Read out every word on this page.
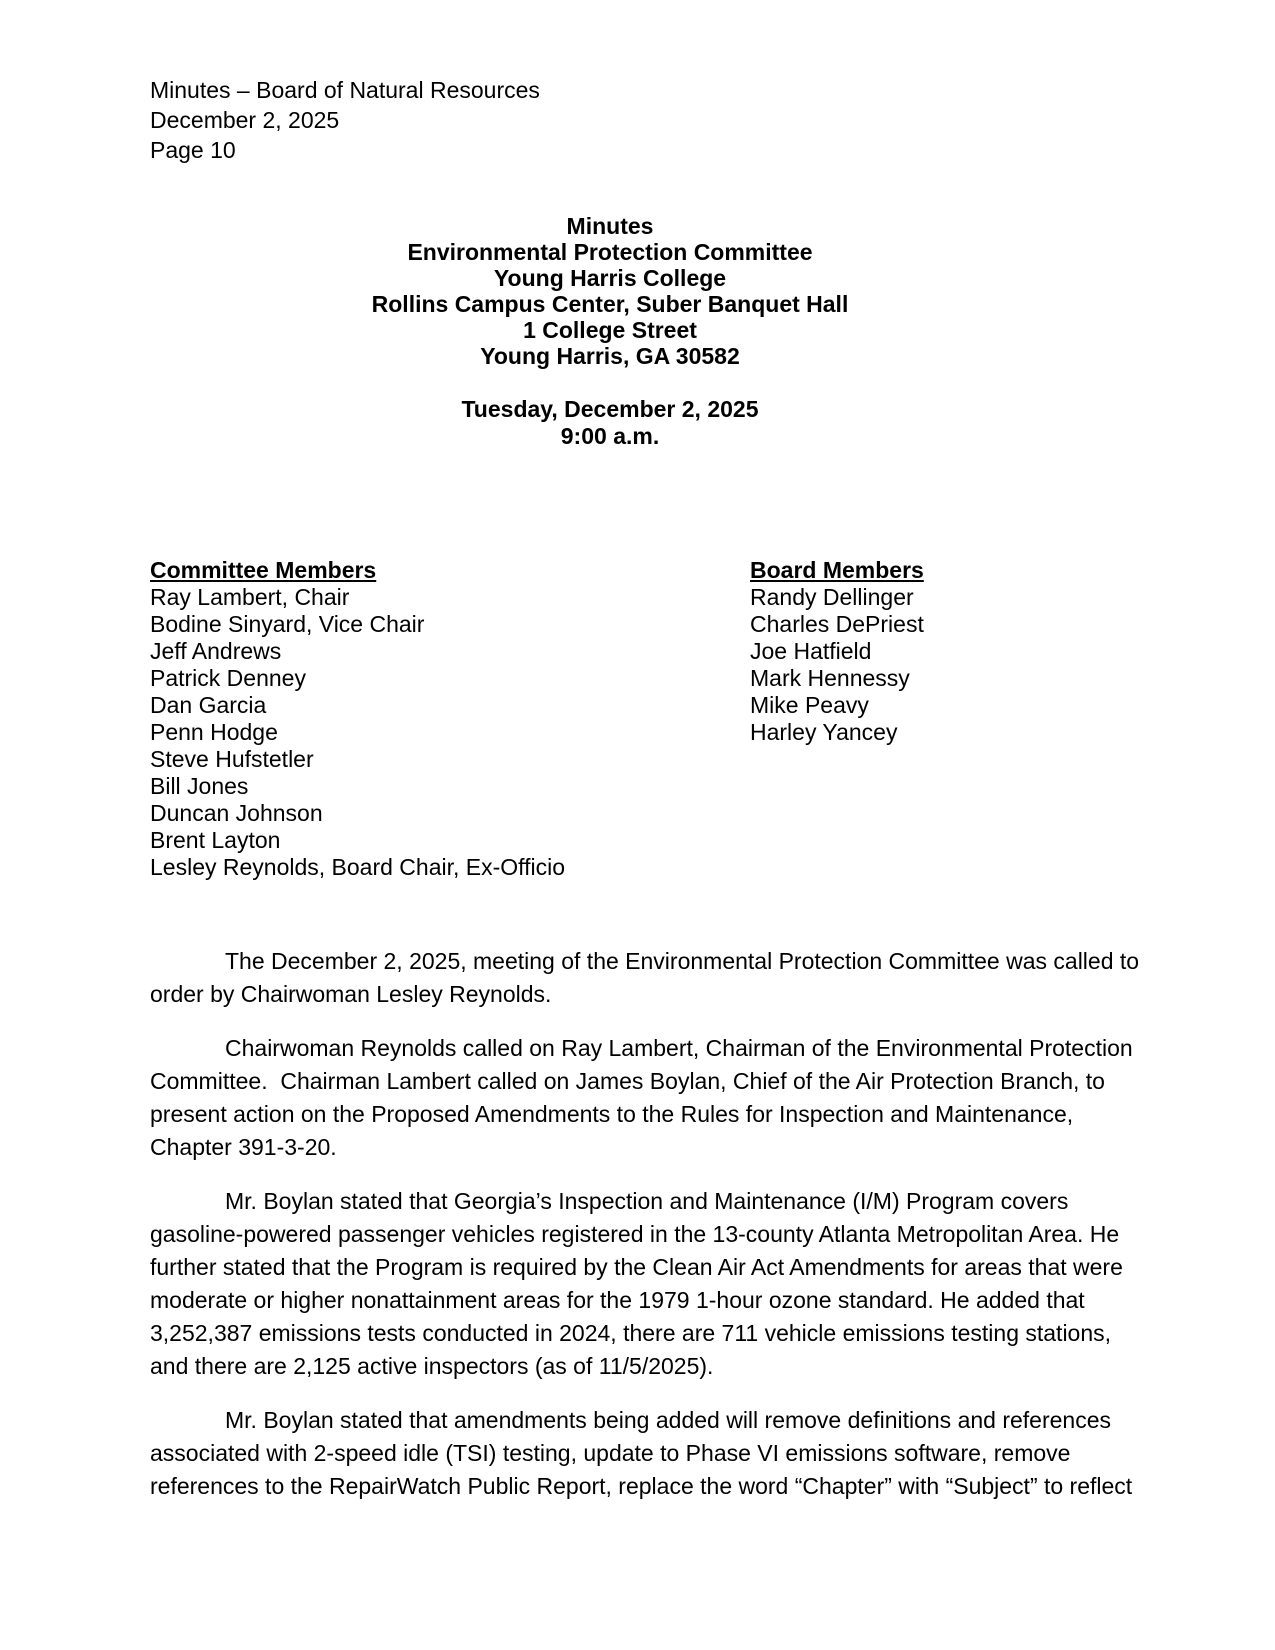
Minutes – Board of Natural Resources
December 2, 2025
Page 10
Minutes
Environmental Protection Committee
Young Harris College
Rollins Campus Center, Suber Banquet Hall
1 College Street
Young Harris, GA 30582
Tuesday, December 2, 2025
9:00 a.m.
Committee Members
Ray Lambert, Chair
Bodine Sinyard, Vice Chair
Jeff Andrews
Patrick Denney
Dan Garcia
Penn Hodge
Steve Hufstetler
Bill Jones
Duncan Johnson
Brent Layton
Lesley Reynolds, Board Chair, Ex-Officio
Board Members
Randy Dellinger
Charles DePriest
Joe Hatfield
Mark Hennessy
Mike Peavy
Harley Yancey
The December 2, 2025, meeting of the Environmental Protection Committee was called to order by Chairwoman Lesley Reynolds.
Chairwoman Reynolds called on Ray Lambert, Chairman of the Environmental Protection Committee.  Chairman Lambert called on James Boylan, Chief of the Air Protection Branch, to present action on the Proposed Amendments to the Rules for Inspection and Maintenance, Chapter 391-3-20.
Mr. Boylan stated that Georgia’s Inspection and Maintenance (I/M) Program covers gasoline-powered passenger vehicles registered in the 13-county Atlanta Metropolitan Area. He further stated that the Program is required by the Clean Air Act Amendments for areas that were moderate or higher nonattainment areas for the 1979 1-hour ozone standard. He added that 3,252,387 emissions tests conducted in 2024, there are 711 vehicle emissions testing stations, and there are 2,125 active inspectors (as of 11/5/2025).
Mr. Boylan stated that amendments being added will remove definitions and references associated with 2-speed idle (TSI) testing, update to Phase VI emissions software, remove references to the RepairWatch Public Report, replace the word “Chapter” with “Subject” to reflect
